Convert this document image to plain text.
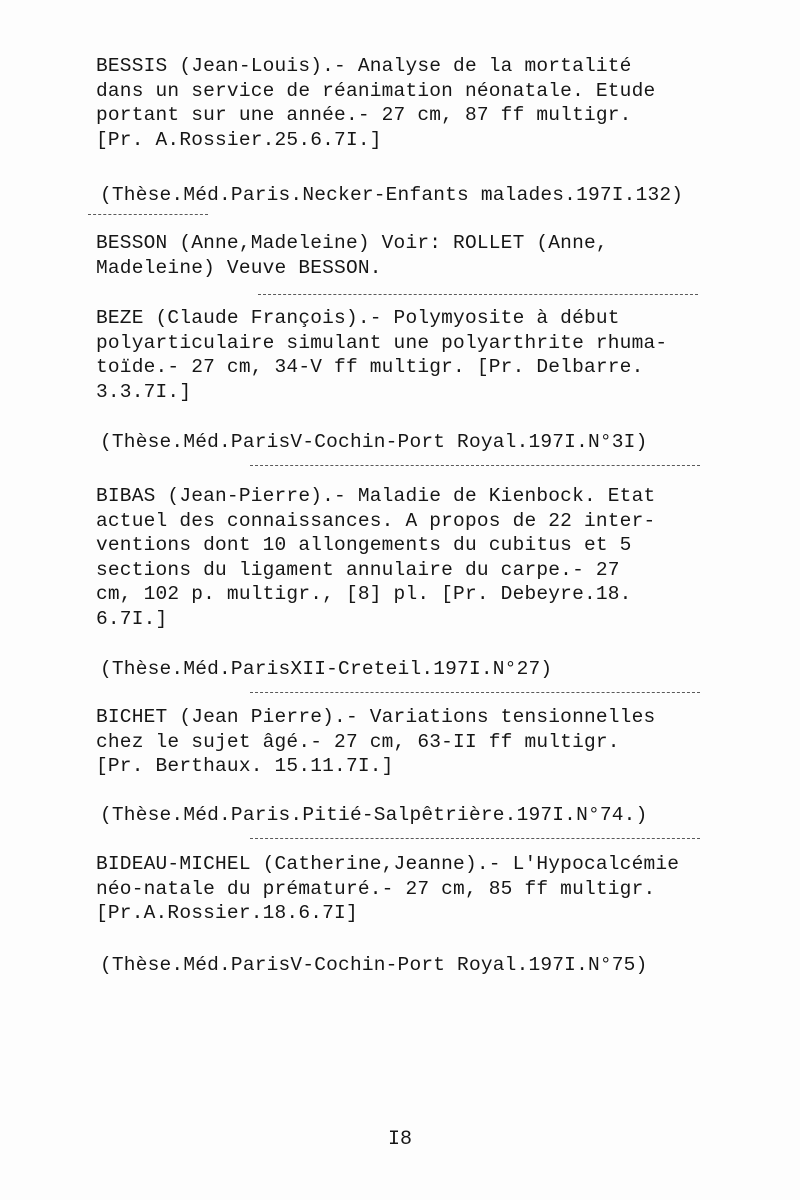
BESSIS (Jean-Louis).- Analyse de la mortalité
dans un service de réanimation néonatale. Etude
portant sur une année.- 27 cm, 87 ff multigr.
[Pr. A.Rossier.25.6.7I.]
(Thèse.Méd.Paris.Necker-Enfants malades.197I.132)
BESSON (Anne,Madeleine) Voir: ROLLET (Anne,
Madeleine) Veuve BESSON.
BEZE (Claude François).- Polymyosite à début
polyarticulaire simulant une polyarthrite rhuma-
toïde.- 27 cm, 34-V ff multigr. [Pr. Delbarre.
3.3.7I.]
(Thèse.Méd.ParisV-Cochin-Port Royal.197I.N°3I)
BIBAS (Jean-Pierre).- Maladie de Kienbock. Etat
actuel des connaissances. A propos de 22 inter-
ventions dont 10 allongements du cubitus et 5
sections du ligament annulaire du carpe.- 27
cm, 102 p. multigr., [8] pl. [Pr. Debeyre.18.
6.7I.]
(Thèse.Méd.ParisXII-Creteil.197I.N°27)
BICHET (Jean Pierre).- Variations tensionnelles
chez le sujet âgé.- 27 cm, 63-II ff multigr.
[Pr. Berthaux. 15.11.7I.]
(Thèse.Méd.Paris.Pitié-Salpêtrière.197I.N°74.)
BIDEAU-MICHEL (Catherine,Jeanne).- L'Hypocalcémie
néo-natale du prématuré.- 27 cm, 85 ff multigr.
[Pr.A.Rossier.18.6.7I]
(Thèse.Méd.ParisV-Cochin-Port Royal.197I.N°75)
I8
